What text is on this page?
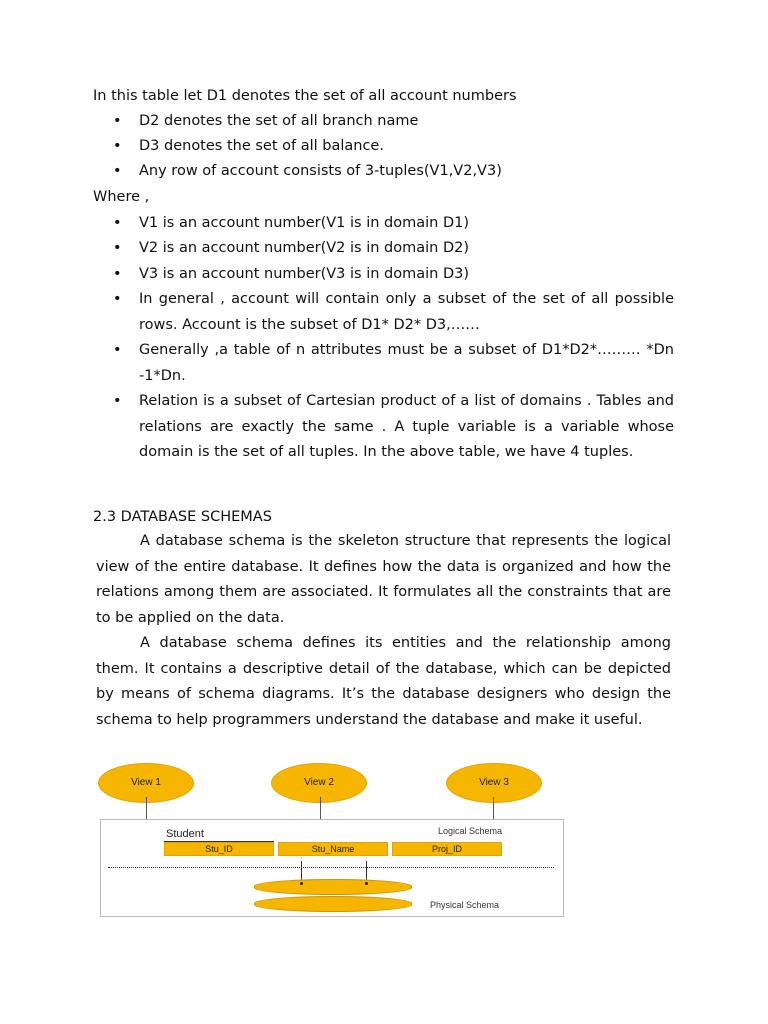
In this table let D1 denotes the set of all account numbers
• D2 denotes the set of all branch name
• D3 denotes the set of all balance.
• Any row of account consists of 3-tuples(V1,V2,V3)
Where ,
• V1 is an account number(V1 is in domain D1)
• V2 is an account number(V2 is in domain D2)
• V3 is an account number(V3 is in domain D3)
• In general , account will contain only a subset of the set of all possible rows. Account is the subset of D1* D2* D3,……
• Generally ,a table of n attributes must be a subset of D1*D2*……… *Dn -1*Dn.
• Relation is a subset of Cartesian product of a list of domains . Tables and relations are exactly the same . A tuple variable is a variable whose domain is the set of all tuples. In the above table, we have 4 tuples.
2.3 DATABASE SCHEMAS
A database schema is the skeleton structure that represents the logical view of the entire database. It defines how the data is organized and how the relations among them are associated. It formulates all the constraints that are to be applied on the data.
A database schema defines its entities and the relationship among them. It contains a descriptive detail of the database, which can be depicted by means of schema diagrams. It’s the database designers who design the schema to help programmers understand the database and make it useful.
View 1	View 2	View 3
Student	Logical Schema
Stu_ID	Stu_Name	Proj_ID
Physical Schema
